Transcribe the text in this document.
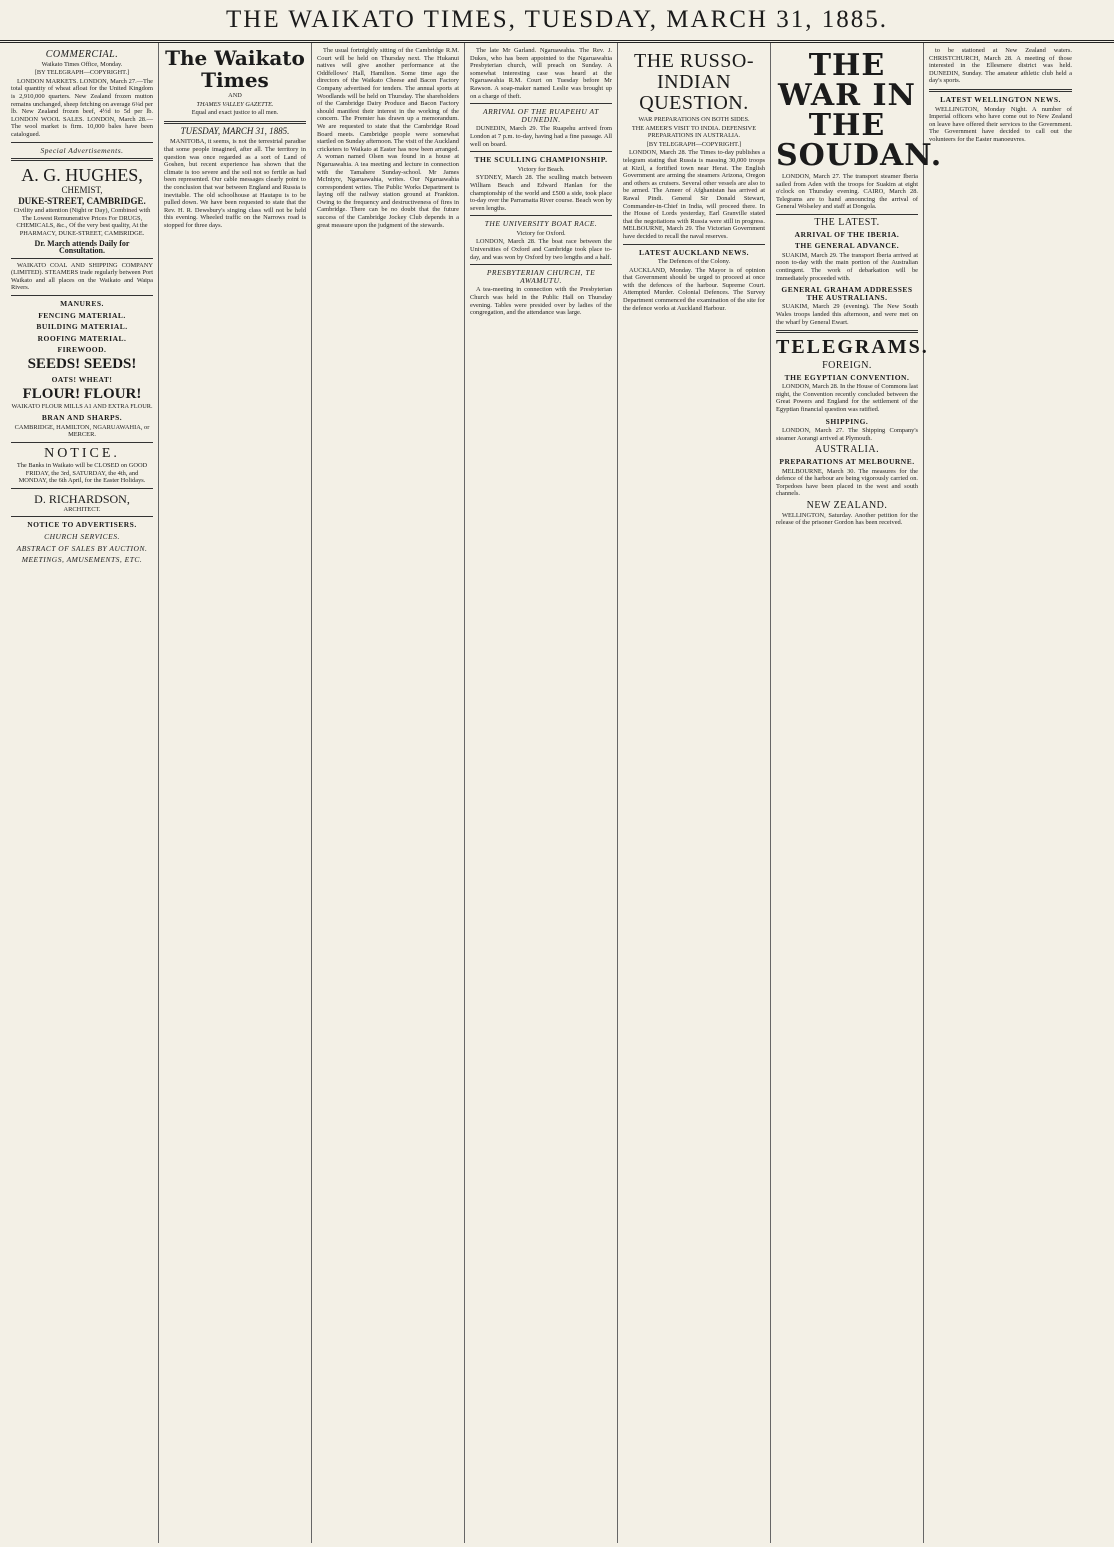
THE WAIKATO TIMES, TUESDAY, MARCH 31, 1885.
COMMERCIAL.
Waikato Times Office, Monday.
[BY TELEGRAPH—COPYRIGHT.]
LONDON MARKETS. LONDON, March 27.—The total quantity of wheat afloat for the United Kingdom is 2,910,000 quarters. New Zealand frozen mutton remains unchanged, sheep fetching on average 6¼d per lb. New Zealand frozen beef, 4½d to 5d per lb. LONDON WOOL SALES. LONDON, March 28.—The wool market is firm. 10,000 bales have been catalogued.
Special Advertisements.
A. G. HUGHES,
CHEMIST,
DUKE-STREET, CAMBRIDGE.
Civility and attention (Night or Day), Combined with The Lowest Remunerative Prices For DRUGS, CHEMICALS, &c., Of the very best quality, At the PHARMACY, DUKE-STREET, CAMBRIDGE.
Dr. March attends Daily for Consultation.
WAIKATO COAL AND SHIPPING COMPANY (LIMITED). STEAMERS trade regularly between Port Waikato and all places on the Waikato and Waipa Rivers.
MANURES.
FENCING MATERIAL.
BUILDING MATERIAL.
ROOFING MATERIAL.
FIREWOOD.
SEEDS! SEEDS!
OATS! WHEAT!
FLOUR! FLOUR!
WAIKATO FLOUR MILLS A1 AND EXTRA FLOUR.
BRAN AND SHARPS.
CAMBRIDGE, HAMILTON, NGARUAWAHIA, or MERCER.
NOTICE.
The Banks in Waikato will be CLOSED on GOOD FRIDAY, the 3rd, SATURDAY, the 4th, and MONDAY, the 6th April, for the Easter Holidays.
D. RICHARDSON,
ARCHITECT.
NOTICE TO ADVERTISERS.
CHURCH SERVICES.
ABSTRACT OF SALES BY AUCTION.
MEETINGS, AMUSEMENTS, ETC.
The Waikato Times
AND
THAMES VALLEY GAZETTE.
Equal and exact justice to all men.
TUESDAY, MARCH 31, 1885.
MANITOBA, it seems, is not the terrestrial paradise that some people imagined, after all. The territory in question was once regarded as a sort of Land of Goshen, but recent experience has shown that the climate is too severe and the soil not so fertile as had been represented. Our cable messages clearly point to the conclusion that war between England and Russia is inevitable. The old schoolhouse at Hautapu is to be pulled down. We have been requested to state that the Rev. H. R. Dewsbury's singing class will not be held this evening. Wheeled traffic on the Narrows road is stopped for three days.
The usual fortnightly sitting of the Cambridge R.M. Court will be held on Thursday next. The Hukanui natives will give another performance at the Oddfellows' Hall, Hamilton. Some time ago the directors of the Waikato Cheese and Bacon Factory Company advertised for tenders. The annual sports at Woodlands will be held on Thursday. The shareholders of the Cambridge Dairy Produce and Bacon Factory should manifest their interest in the working of the concern. The Premier has drawn up a memorandum. We are requested to state that the Cambridge Road Board meets. Cambridge people were somewhat startled on Sunday afternoon. The visit of the Auckland cricketers to Waikato at Easter has now been arranged. A woman named Olsen was found in a house at Ngaruawahia. A tea meeting and lecture in connection with the Tamahere Sunday-school. Mr James McIntyre, Ngaruawahia, writes. Our Ngaruawahia correspondent writes. The Public Works Department is laying off the railway station ground at Frankton. Owing to the frequency and destructiveness of fires in Cambridge. There can be no doubt that the future success of the Cambridge Jockey Club depends in a great measure upon the judgment of the stewards.
The late Mr Garland. Ngaruawahia. The Rev. J. Dukes, who has been appointed to the Ngaruawahia Presbyterian church, will preach on Sunday. A somewhat interesting case was heard at the Ngaruawahia R.M. Court on Tuesday before Mr Rawson. A soap-maker named Leslie was brought up on a charge of theft.
ARRIVAL OF THE RUAPEHU AT DUNEDIN.
DUNEDIN, March 29. The Ruapehu arrived from London at 7 p.m. to-day, having had a fine passage. All well on board.
THE SCULLING CHAMPIONSHIP.
Victory for Beach.
SYDNEY, March 28. The sculling match between William Beach and Edward Hanlan for the championship of the world and £500 a side, took place to-day over the Parramatta River course. Beach won by seven lengths.
THE UNIVERSITY BOAT RACE.
Victory for Oxford.
LONDON, March 28. The boat race between the Universities of Oxford and Cambridge took place to-day, and was won by Oxford by two lengths and a half.
PRESBYTERIAN CHURCH, TE AWAMUTU.
A tea-meeting in connection with the Presbyterian Church was held in the Public Hall on Thursday evening. Tables were presided over by ladies of the congregation, and the attendance was large.
THE RUSSO-INDIAN QUESTION.
WAR PREPARATIONS ON BOTH SIDES.
THE AMEER'S VISIT TO INDIA. DEFENSIVE PREPARATIONS IN AUSTRALIA.
[BY TELEGRAPH—COPYRIGHT.]
LONDON, March 28. The Times to-day publishes a telegram stating that Russia is massing 30,000 troops at Kizil, a fortified town near Herat. The English Government are arming the steamers Arizona, Oregon and others as cruisers. Several other vessels are also to be armed. The Ameer of Afghanistan has arrived at Rawal Pindi. General Sir Donald Stewart, Commander-in-Chief in India, will proceed there. In the House of Lords yesterday, Earl Granville stated that the negotiations with Russia were still in progress. MELBOURNE, March 29. The Victorian Government have decided to recall the naval reserves.
LATEST AUCKLAND NEWS.
The Defences of the Colony.
AUCKLAND, Monday. The Mayor is of opinion that Government should be urged to proceed at once with the defences of the harbour. Supreme Court. Attempted Murder. Colonial Defences. The Survey Department commenced the examination of the site for the defence works at Auckland Harbour.
THE WAR IN THE SOUDAN.
LONDON, March 27. The transport steamer Iberia sailed from Aden with the troops for Suakim at eight o'clock on Thursday evening. CAIRO, March 28. Telegrams are to hand announcing the arrival of General Wolseley and staff at Dongola.
THE LATEST.
ARRIVAL OF THE IBERIA.
THE GENERAL ADVANCE.
SUAKIM, March 29. The transport Iberia arrived at noon to-day with the main portion of the Australian contingent. The work of debarkation will be immediately proceeded with.
GENERAL GRAHAM ADDRESSES THE AUSTRALIANS.
SUAKIM, March 29 (evening). The New South Wales troops landed this afternoon, and were met on the wharf by General Ewart.
TELEGRAMS.
FOREIGN.
THE EGYPTIAN CONVENTION.
LONDON, March 28. In the House of Commons last night, the Convention recently concluded between the Great Powers and England for the settlement of the Egyptian financial question was ratified.
SHIPPING.
LONDON, March 27. The Shipping Company's steamer Aorangi arrived at Plymouth.
AUSTRALIA.
PREPARATIONS AT MELBOURNE.
MELBOURNE, March 30. The measures for the defence of the harbour are being vigorously carried on. Torpedoes have been placed in the west and south channels.
NEW ZEALAND.
WELLINGTON, Saturday. Another petition for the release of the prisoner Gordon has been received.
to be stationed at New Zealand waters. CHRISTCHURCH, March 28. A meeting of those interested in the Ellesmere district was held. DUNEDIN, Sunday. The amateur athletic club held a day's sports.
LATEST WELLINGTON NEWS.
WELLINGTON, Monday Night. A number of Imperial officers who have come out to New Zealand on leave have offered their services to the Government. The Government have decided to call out the volunteers for the Easter manoeuvres.
